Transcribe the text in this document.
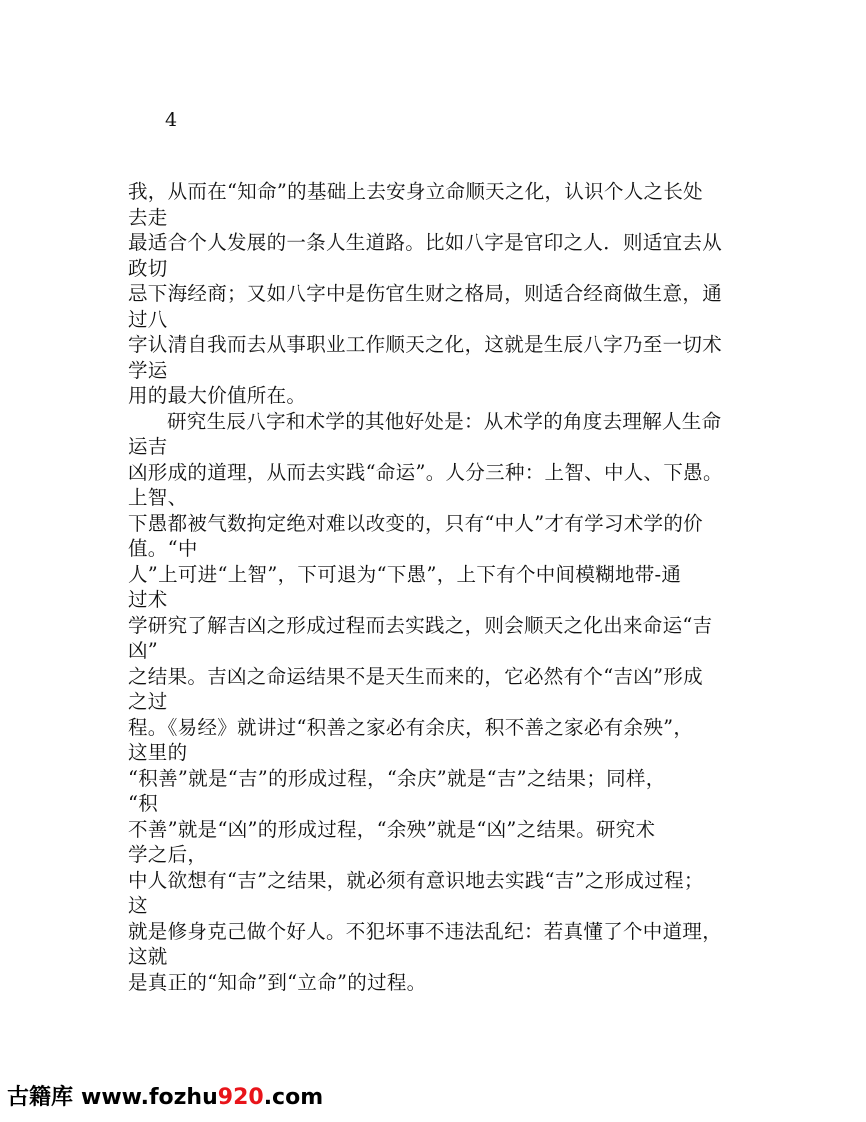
4
我，从而在“知命”的基础上去安身立命顺天之化，认识个人之长处
去走
最适合个人发展的一条人生道路。比如八字是官印之人．则适宜去从
政切
忌下海经商；又如八字中是伤官生财之格局，则适合经商做生意，通
过八
字认清自我而去从事职业工作顺天之化，这就是生辰八字乃至一切术
学运
用的最大价值所在。
研究生辰八字和术学的其他好处是：从术学的角度去理解人生命
运吉
凶形成的道理，从而去实践“命运”。人分三种：上智、中人、下愚。
上智、
下愚都被气数拘定绝对难以改变的，只有“中人”才有学习术学的价
值。“中
人”上可进“上智”，下可退为“下愚”，上下有个中间模糊地带-通
过术
学研究了解吉凶之形成过程而去实践之，则会顺天之化出来命运“吉
凶”
之结果。吉凶之命运结果不是天生而来的，它必然有个“吉凶”形成
之过
程。《易经》就讲过“积善之家必有余庆，积不善之家必有余殃”，
这里的
“积善”就是“吉”的形成过程，“余庆”就是“吉”之结果；同样，
“积
不善”就是“凶”的形成过程，“余殃”就是“凶”之结果。研究术
学之后，
中人欲想有“吉”之结果，就必须有意识地去实践“吉”之形成过程；
这
就是修身克己做个好人。不犯坏事不违法乱纪：若真懂了个中道理，
这就
是真正的“知命”到“立命”的过程。
古籍库 www.fozhu920.com
